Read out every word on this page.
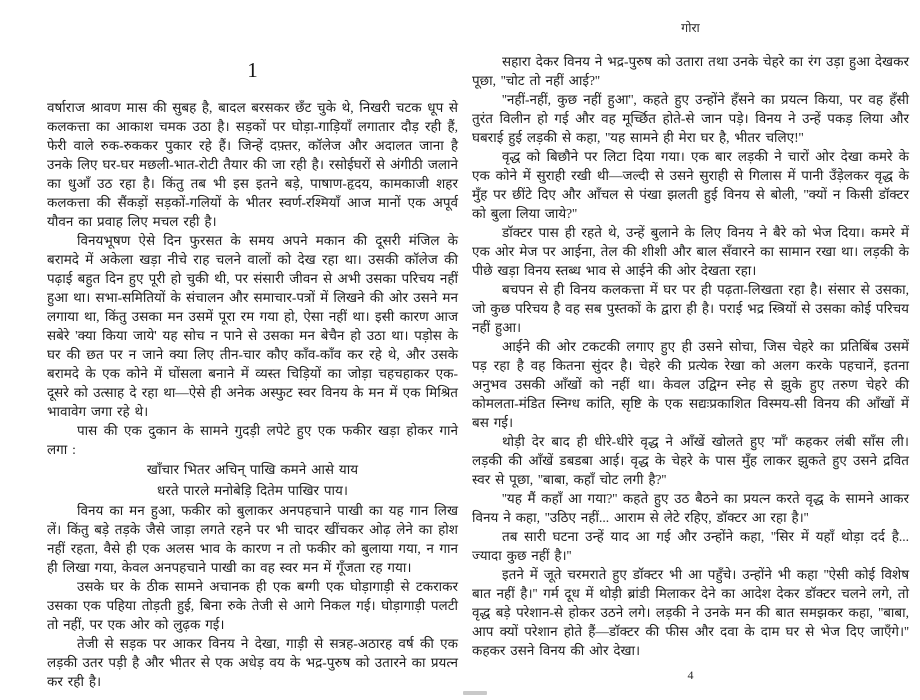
1

वर्षाराज श्रावण मास की सुबह है, बादल बरसकर छँट चुके थे, निखरी चटक धूप से कलकत्ता का आकाश चमक उठा है। सड़कों पर घोड़ा-गाड़ियाँ लगातार दौड़ रही हैं, फेरी वाले रुक-रुककर पुकार रहे हैं। जिन्हें दफ़्तर, कॉलेज और अदालत जाना है उनके लिए घर-घर मछली-भात-रोटी तैयार की जा रही है। रसोईघरों से अंगीठी जलाने का धुआँ उठ रहा है। किंतु तब भी इस इतने बड़े, पाषाण-हृदय, कामकाजी शहर कलकत्ता की सैंकड़ों सड़कों-गलियों के भीतर स्वर्ण-रश्मियाँ आज मानों एक अपूर्व यौवन का प्रवाह लिए मचल रही है।

विनयभूषण ऐसे दिन फुरसत के समय अपने मकान की दूसरी मंजिल के बरामदे में अकेला खड़ा नीचे राह चलने वालों को देख रहा था। उसकी कॉलेज की पढ़ाई बहुत दिन हुए पूरी हो चुकी थी, पर संसारी जीवन से अभी उसका परिचय नहीं हुआ था। सभा-समितियों के संचालन और समाचार-पत्रों में लिखने की ओर उसने मन लगाया था, किंतु उसका मन उसमें पूरा रम गया हो, ऐसा नहीं था। इसी कारण आज सबेरे 'क्या किया जाये' यह सोच न पाने से उसका मन बेचैन हो उठा था। पड़ोस के घर की छत पर न जाने क्या लिए तीन-चार कौए काँव-काँव कर रहे थे, और उसके बरामदे के एक कोने में घोंसला बनाने में व्यस्त चिड़ियों का जोड़ा चहचहाकर एक-दूसरे को उत्साह दे रहा था—ऐसे ही अनेक अस्फुट स्वर विनय के मन में एक मिश्रित भावावेग जगा रहे थे।

पास की एक दुकान के सामने गुदड़ी लपेटे हुए एक फकीर खड़ा होकर गाने लगा :

खाँचार भितर अचिन् पाखि कमने आसे याय
धरते पारले मनोबेड़ि दितेम पाखिर पाय।

विनय का मन हुआ, फकीर को बुलाकर अनपहचाने पाखी का यह गान लिख लें। किंतु बड़े तड़के जैसे जाड़ा लगते रहने पर भी चादर खींचकर ओढ़ लेने का होश नहीं रहता, वैसे ही एक अलस भाव के कारण न तो फकीर को बुलाया गया, न गान ही लिखा गया, केवल अनपहचाने पाखी का वह स्वर मन में गूँजता रह गया।

उसके घर के ठीक सामने अचानक ही एक बग्गी एक घोड़ागाड़ी से टकराकर उसका एक पहिया तोड़ती हुई, बिना रुके तेजी से आगे निकल गई। घोड़ागाड़ी पलटी तो नहीं, पर एक ओर को लुढ़क गई।

तेजी से सड़क पर आकर विनय ने देखा, गाड़ी से सत्रह-अठारह वर्ष की एक लड़की उतर पड़ी है और भीतर से एक अधेड़ वय के भद्र-पुरुष को उतारने का प्रयत्न कर रही है।

गोरा

सहारा देकर विनय ने भद्र-पुरुष को उतारा तथा उनके चेहरे का रंग उड़ा हुआ देखकर पूछा, ''चोट तो नहीं आई?''

''नहीं-नहीं, कुछ नहीं हुआ'', कहते हुए उन्होंने हँसने का प्रयत्न किया, पर वह हँसी तुरंत विलीन हो गई और वह मूर्च्छित होते-से जान पड़े। विनय ने उन्हें पकड़ लिया और घबराई हुई लड़की से कहा, ''यह सामने ही मेरा घर है, भीतर चलिए!''

वृद्ध को बिछौने पर लिटा दिया गया। एक बार लड़की ने चारों ओर देखा कमरे के एक कोने में सुराही रखी थी—जल्दी से उसने सुराही से गिलास में पानी उँड़ेलकर वृद्ध के मुँह पर छींटे दिए और आँचल से पंखा झलती हुई विनय से बोली, ''क्यों न किसी डॉक्टर को बुला लिया जाये?''

डॉक्टर पास ही रहते थे, उन्हें बुलाने के लिए विनय ने बैरे को भेज दिया। कमरे में एक ओर मेज पर आईना, तेल की शीशी और बाल सँवारने का सामान रखा था। लड़की के पीछे खड़ा विनय स्तब्ध भाव से आईने की ओर देखता रहा।

बचपन से ही विनय कलकत्ता में घर पर ही पढ़ता-लिखता रहा है। संसार से उसका, जो कुछ परिचय है वह सब पुस्तकों के द्वारा ही है। पराई भद्र स्त्रियों से उसका कोई परिचय नहीं हुआ।

आईने की ओर टकटकी लगाए हुए ही उसने सोचा, जिस चेहरे का प्रतिबिंब उसमें पड़ रहा है वह कितना सुंदर है। चेहरे की प्रत्येक रेखा को अलग करके पहचानें, इतना अनुभव उसकी आँखों को नहीं था। केवल उद्विग्न स्नेह से झुके हुए तरुण चेहरे की कोमलता-मंडित स्निग्ध कांति, सृष्टि के एक सद्यःप्रकाशित विस्मय-सी विनय की आँखों में बस गई।

थोड़ी देर बाद ही धीरे-धीरे वृद्ध ने आँखें खोलते हुए 'माँ' कहकर लंबी साँस ली। लड़की की आँखें डबडबा आई। वृद्ध के चेहरे के पास मुँह लाकर झुकते हुए उसने द्रवित स्वर से पूछा, ''बाबा, कहाँ चोट लगी है?''

''यह मैं कहाँ आ गया?'' कहते हुए उठ बैठने का प्रयत्न करते वृद्ध के सामने आकर विनय ने कहा, ''उठिए नहीं... आराम से लेटे रहिए, डॉक्टर आ रहा है।''

तब सारी घटना उन्हें याद आ गई और उन्होंने कहा, ''सिर में यहाँ थोड़ा दर्द है... ज्यादा कुछ नहीं है।''

इतने में जूते चरमराते हुए डॉक्टर भी आ पहुँचे। उन्होंने भी कहा ''ऐसी कोई विशेष बात नहीं है।'' गर्म दूध में थोड़ी ब्रांडी मिलाकर देने का आदेश देकर डॉक्टर चलने लगे, तो वृद्ध बड़े परेशान-से होकर उठने लगे। लड़की ने उनके मन की बात समझकर कहा, ''बाबा, आप क्यों परेशान होते हैं—डॉक्टर की फीस और दवा के दाम घर से भेज दिए जाएँगे।'' कहकर उसने विनय की ओर देखा।

4
